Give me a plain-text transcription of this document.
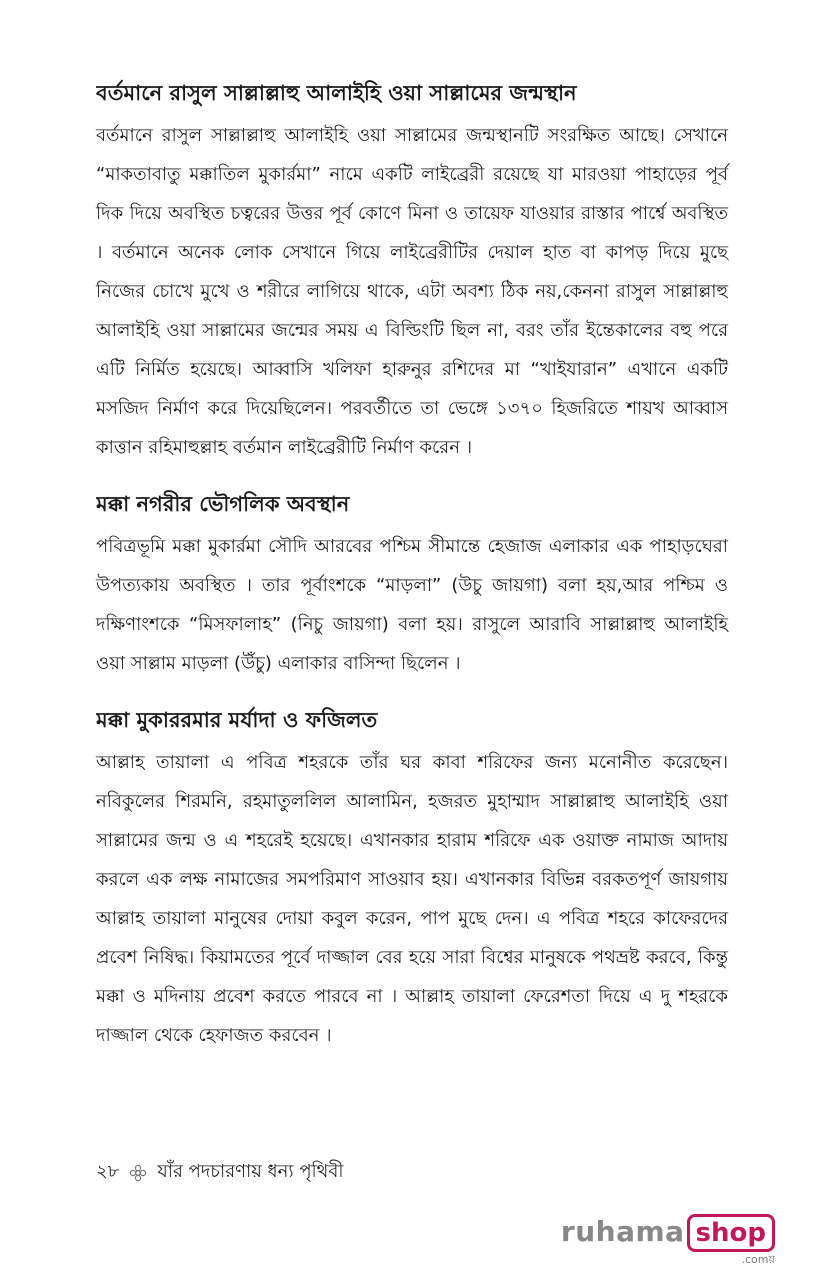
বর্তমানে রাসুল সাল্লাল্লাহু আলাইহি ওয়া সাল্লামের জন্মস্থান

বর্তমানে রাসুল সাল্লাল্লাহু আলাইহি ওয়া সাল্লামের জন্মস্থানটি সংরক্ষিত আছে। সেখানে “মাকতাবাতু মক্কাতিল মুকার্রমা” নামে একটি লাইব্রেরী রয়েছে যা মারওয়া পাহাড়ের পূর্ব দিক দিয়ে অবস্থিত চত্বরের উত্তর পূর্ব কোণে মিনা ও তায়েফ যাওয়ার রাস্তার পার্শ্বে অবস্থিত । বর্তমানে অনেক লোক সেখানে গিয়ে লাইব্রেরীটির দেয়াল হাত বা কাপড় দিয়ে মুছে নিজের চোখে মুখে ও শরীরে লাগিয়ে থাকে, এটা অবশ্য ঠিক নয়,কেননা রাসুল সাল্লাল্লাহু আলাইহি ওয়া সাল্লামের জন্মের সময় এ বিল্ডিংটি ছিল না, বরং তাঁর ইন্তেকালের বহু পরে এটি নির্মিত হয়েছে। আব্বাসি খলিফা হারুনুর রশিদের মা “খাইযারান” এখানে একটি মসজিদ নির্মাণ করে দিয়েছিলেন। পরবর্তীতে তা ভেঙ্গে ১৩৭০ হিজরিতে শায়খ আব্বাস কাত্তান রহিমাহুল্লাহ বর্তমান লাইব্রেরীটি নির্মাণ করেন ।

মক্কা নগরীর ভৌগলিক অবস্থান

পবিত্রভূমি মক্কা মুকার্রমা সৌদি আরবের পশ্চিম সীমান্তে হেজাজ এলাকার এক পাহাড়ঘেরা উপত্যকায় অবস্থিত । তার পূর্বাংশকে “মাড়লা” (উচু জায়গা) বলা হয়,আর পশ্চিম ও দক্ষিণাংশকে “মিসফালাহ” (নিচু জায়গা) বলা হয়। রাসুলে আরাবি সাল্লাল্লাহু আলাইহি ওয়া সাল্লাম মাড়লা (উঁচু) এলাকার বাসিন্দা ছিলেন ।

মক্কা মুকাররমার মর্যাদা ও ফজিলত

আল্লাহ তায়ালা এ পবিত্র শহরকে তাঁর ঘর কাবা শরিফের জন্য মনোনীত করেছেন। নবিকুলের শিরমনি, রহমাতুললিল আলামিন, হজরত মুহাম্মাদ সাল্লাল্লাহু আলাইহি ওয়া সাল্লামের জন্ম ও এ শহরেই হয়েছে। এখানকার হারাম শরিফে এক ওয়াক্ত নামাজ আদায় করলে এক লক্ষ নামাজের সমপরিমাণ সাওয়াব হয়। এখানকার বিভিন্ন বরকতপূর্ণ জায়গায় আল্লাহ তায়ালা মানুষের দোয়া কবুল করেন, পাপ মুছে দেন। এ পবিত্র শহরে কাফেরদের প্রবেশ নিষিদ্ধ। কিয়ামতের পূর্বে দাজ্জাল বের হয়ে সারা বিশ্বের মানুষকে পথভ্রষ্ট করবে, কিন্তু মক্কা ও মদিনায় প্রবেশ করতে পারবে না । আল্লাহ তায়ালা ফেরেশতা দিয়ে এ দু শহরকে দাজ্জাল থেকে হেফাজত করবেন ।

২৮ যাঁর পদচারণায় ধন্য পৃথিবী
ruhama shop
.comয়
